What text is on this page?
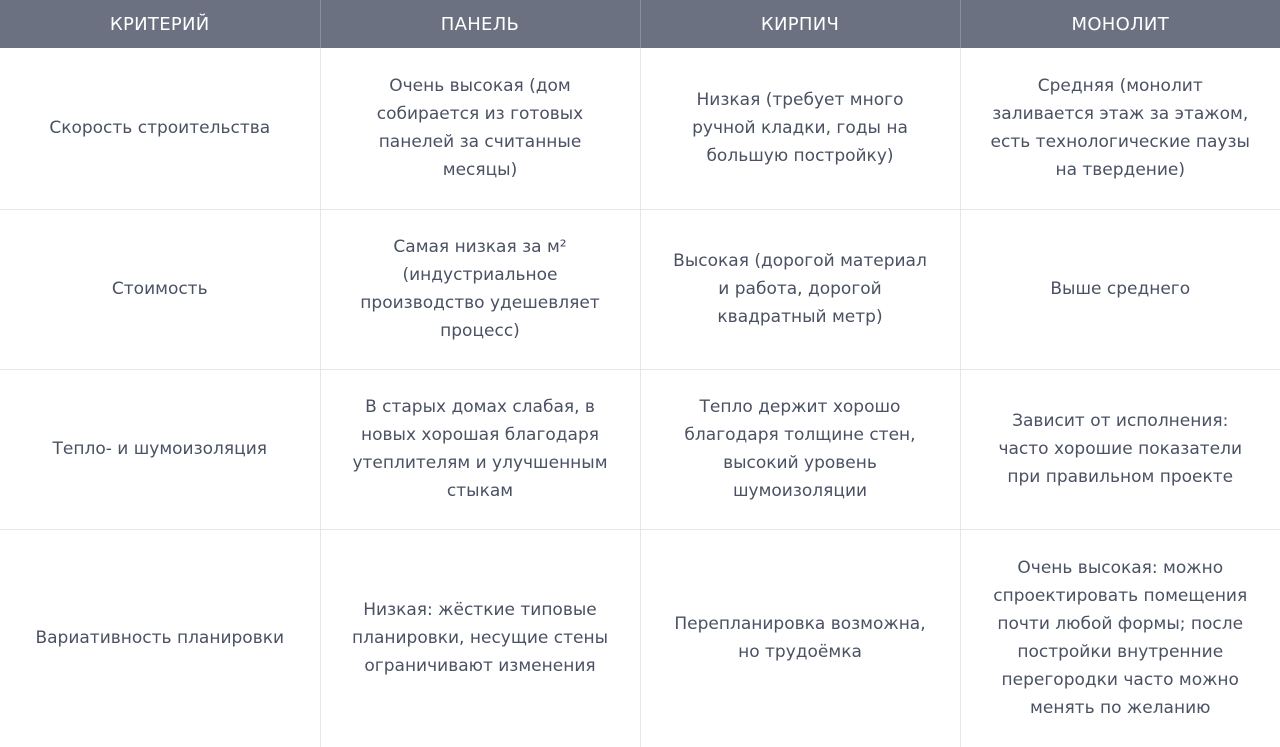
КРИТЕРИЙ	ПАНЕЛЬ	КИРПИЧ	МОНОЛИТ
Скорость строительства	Очень высокая (дом собирается из готовых панелей за считанные месяцы)	Низкая (требует много ручной кладки, годы на большую постройку)	Средняя (монолит заливается этаж за этажом, есть технологические паузы на твердение)
Стоимость	Самая низкая за м² (индустриальное производство удешевляет процесс)	Высокая (дорогой материал и работа, дорогой квадратный метр)	Выше среднего
Тепло- и шумоизоляция	В старых домах слабая, в новых хорошая благодаря утеплителям и улучшенным стыкам	Тепло держит хорошо благодаря толщине стен, высокий уровень шумоизоляции	Зависит от исполнения: часто хорошие показатели при правильном проекте
Вариативность планировки	Низкая: жёсткие типовые планировки, несущие стены ограничивают изменения	Перепланировка возможна, но трудоёмка	Очень высокая: можно спроектировать помещения почти любой формы; после постройки внутренние перегородки часто можно менять по желанию
